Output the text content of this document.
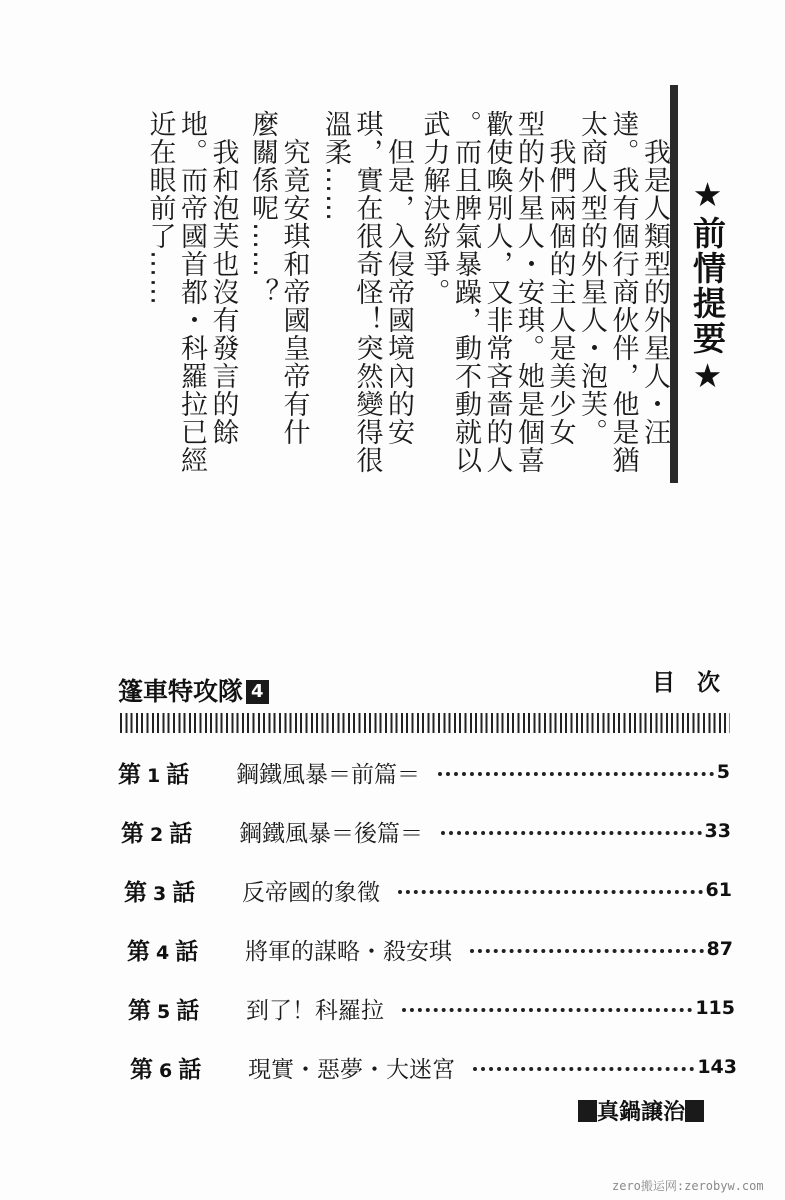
我是人類型的外星人・汪
達。我有個行商伙伴，他是猶
太商人型的外星人・泡芙。
我們兩個的主人是美少女
型的外星人・安琪。她是個喜
歡使喚別人，又非常吝嗇的人
。而且脾氣暴躁，動不動就以
武力解決紛爭。
但是，入侵帝國境內的安
琪，實在很奇怪！突然變得很
溫柔……
究竟安琪和帝國皇帝有什
麼關係呢……？
我和泡芙也沒有發言的餘
地。而帝國首都・科羅拉已經
近在眼前了……	★前情提要★
篷車特攻隊 4	目次
第 1 話	鋼鐵風暴＝前篇＝	5
第 2 話	鋼鐵風暴＝後篇＝	33
第 3 話	反帝國的象徵	61
第 4 話	將軍的謀略・殺安琪	87
第 5 話	到了！科羅拉	115
第 6 話	現實・惡夢・大迷宮	143
真鍋譲治
zero搬运网:zerobyw.com
